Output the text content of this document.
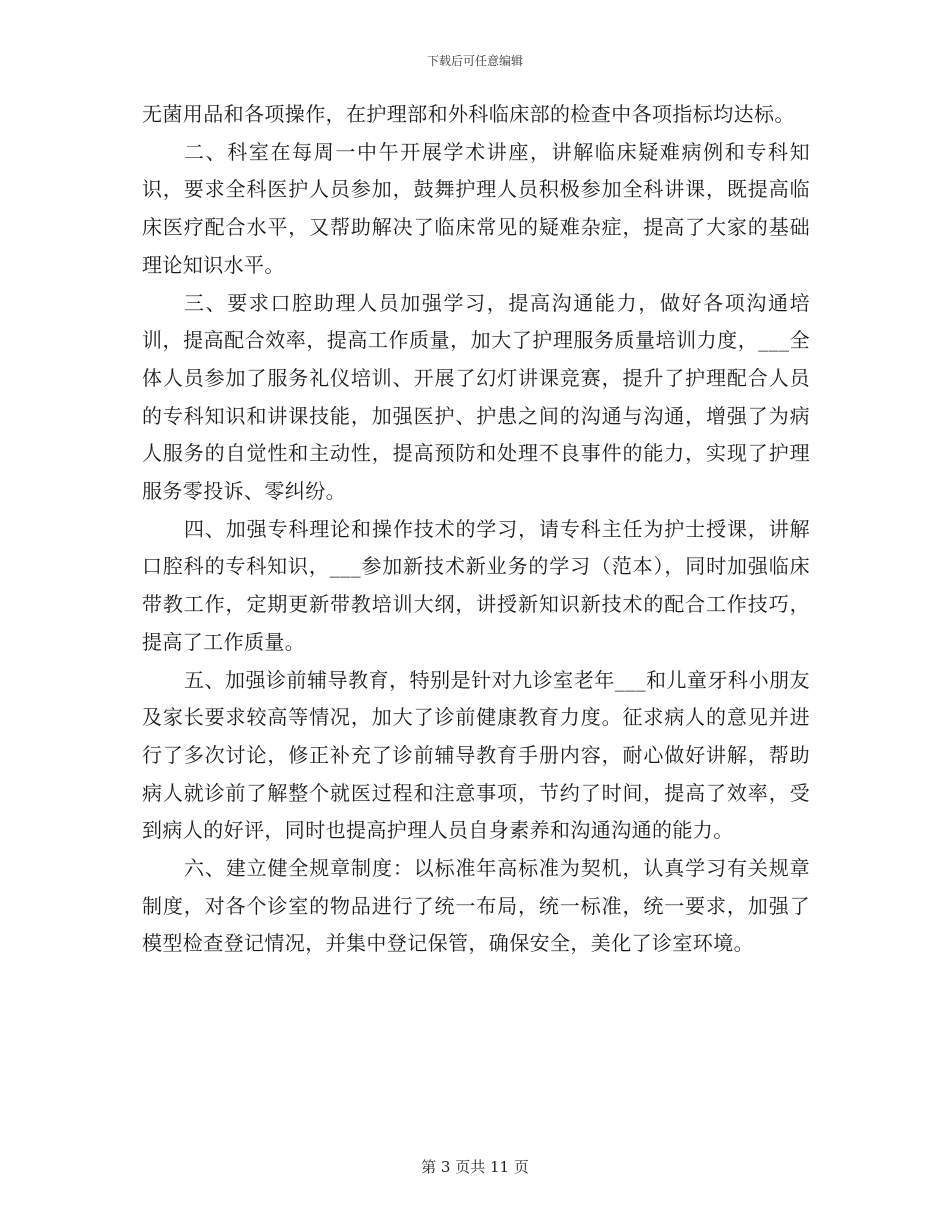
下载后可任意编辑

无菌用品和各项操作，在护理部和外科临床部的检查中各项指标均达标。

二、科室在每周一中午开展学术讲座，讲解临床疑难病例和专科知识，要求全科医护人员参加，鼓舞护理人员积极参加全科讲课，既提高临床医疗配合水平，又帮助解决了临床常见的疑难杂症，提高了大家的基础理论知识水平。

三、要求口腔助理人员加强学习，提高沟通能力，做好各项沟通培训，提高配合效率，提高工作质量，加大了护理服务质量培训力度，___全体人员参加了服务礼仪培训、开展了幻灯讲课竞赛，提升了护理配合人员的专科知识和讲课技能，加强医护、护患之间的沟通与沟通，增强了为病人服务的自觉性和主动性，提高预防和处理不良事件的能力，实现了护理服务零投诉、零纠纷。

四、加强专科理论和操作技术的学习，请专科主任为护士授课，讲解口腔科的专科知识，___参加新技术新业务的学习（范本），同时加强临床带教工作，定期更新带教培训大纲，讲授新知识新技术的配合工作技巧，提高了工作质量。

五、加强诊前辅导教育，特别是针对九诊室老年___和儿童牙科小朋友及家长要求较高等情况，加大了诊前健康教育力度。征求病人的意见并进行了多次讨论，修正补充了诊前辅导教育手册内容，耐心做好讲解，帮助病人就诊前了解整个就医过程和注意事项，节约了时间，提高了效率，受到病人的好评，同时也提高护理人员自身素养和沟通沟通的能力。

六、建立健全规章制度：以标准年高标准为契机，认真学习有关规章制度，对各个诊室的物品进行了统一布局，统一标准，统一要求，加强了模型检查登记情况，并集中登记保管，确保安全，美化了诊室环境。

第 3 页共 11 页
